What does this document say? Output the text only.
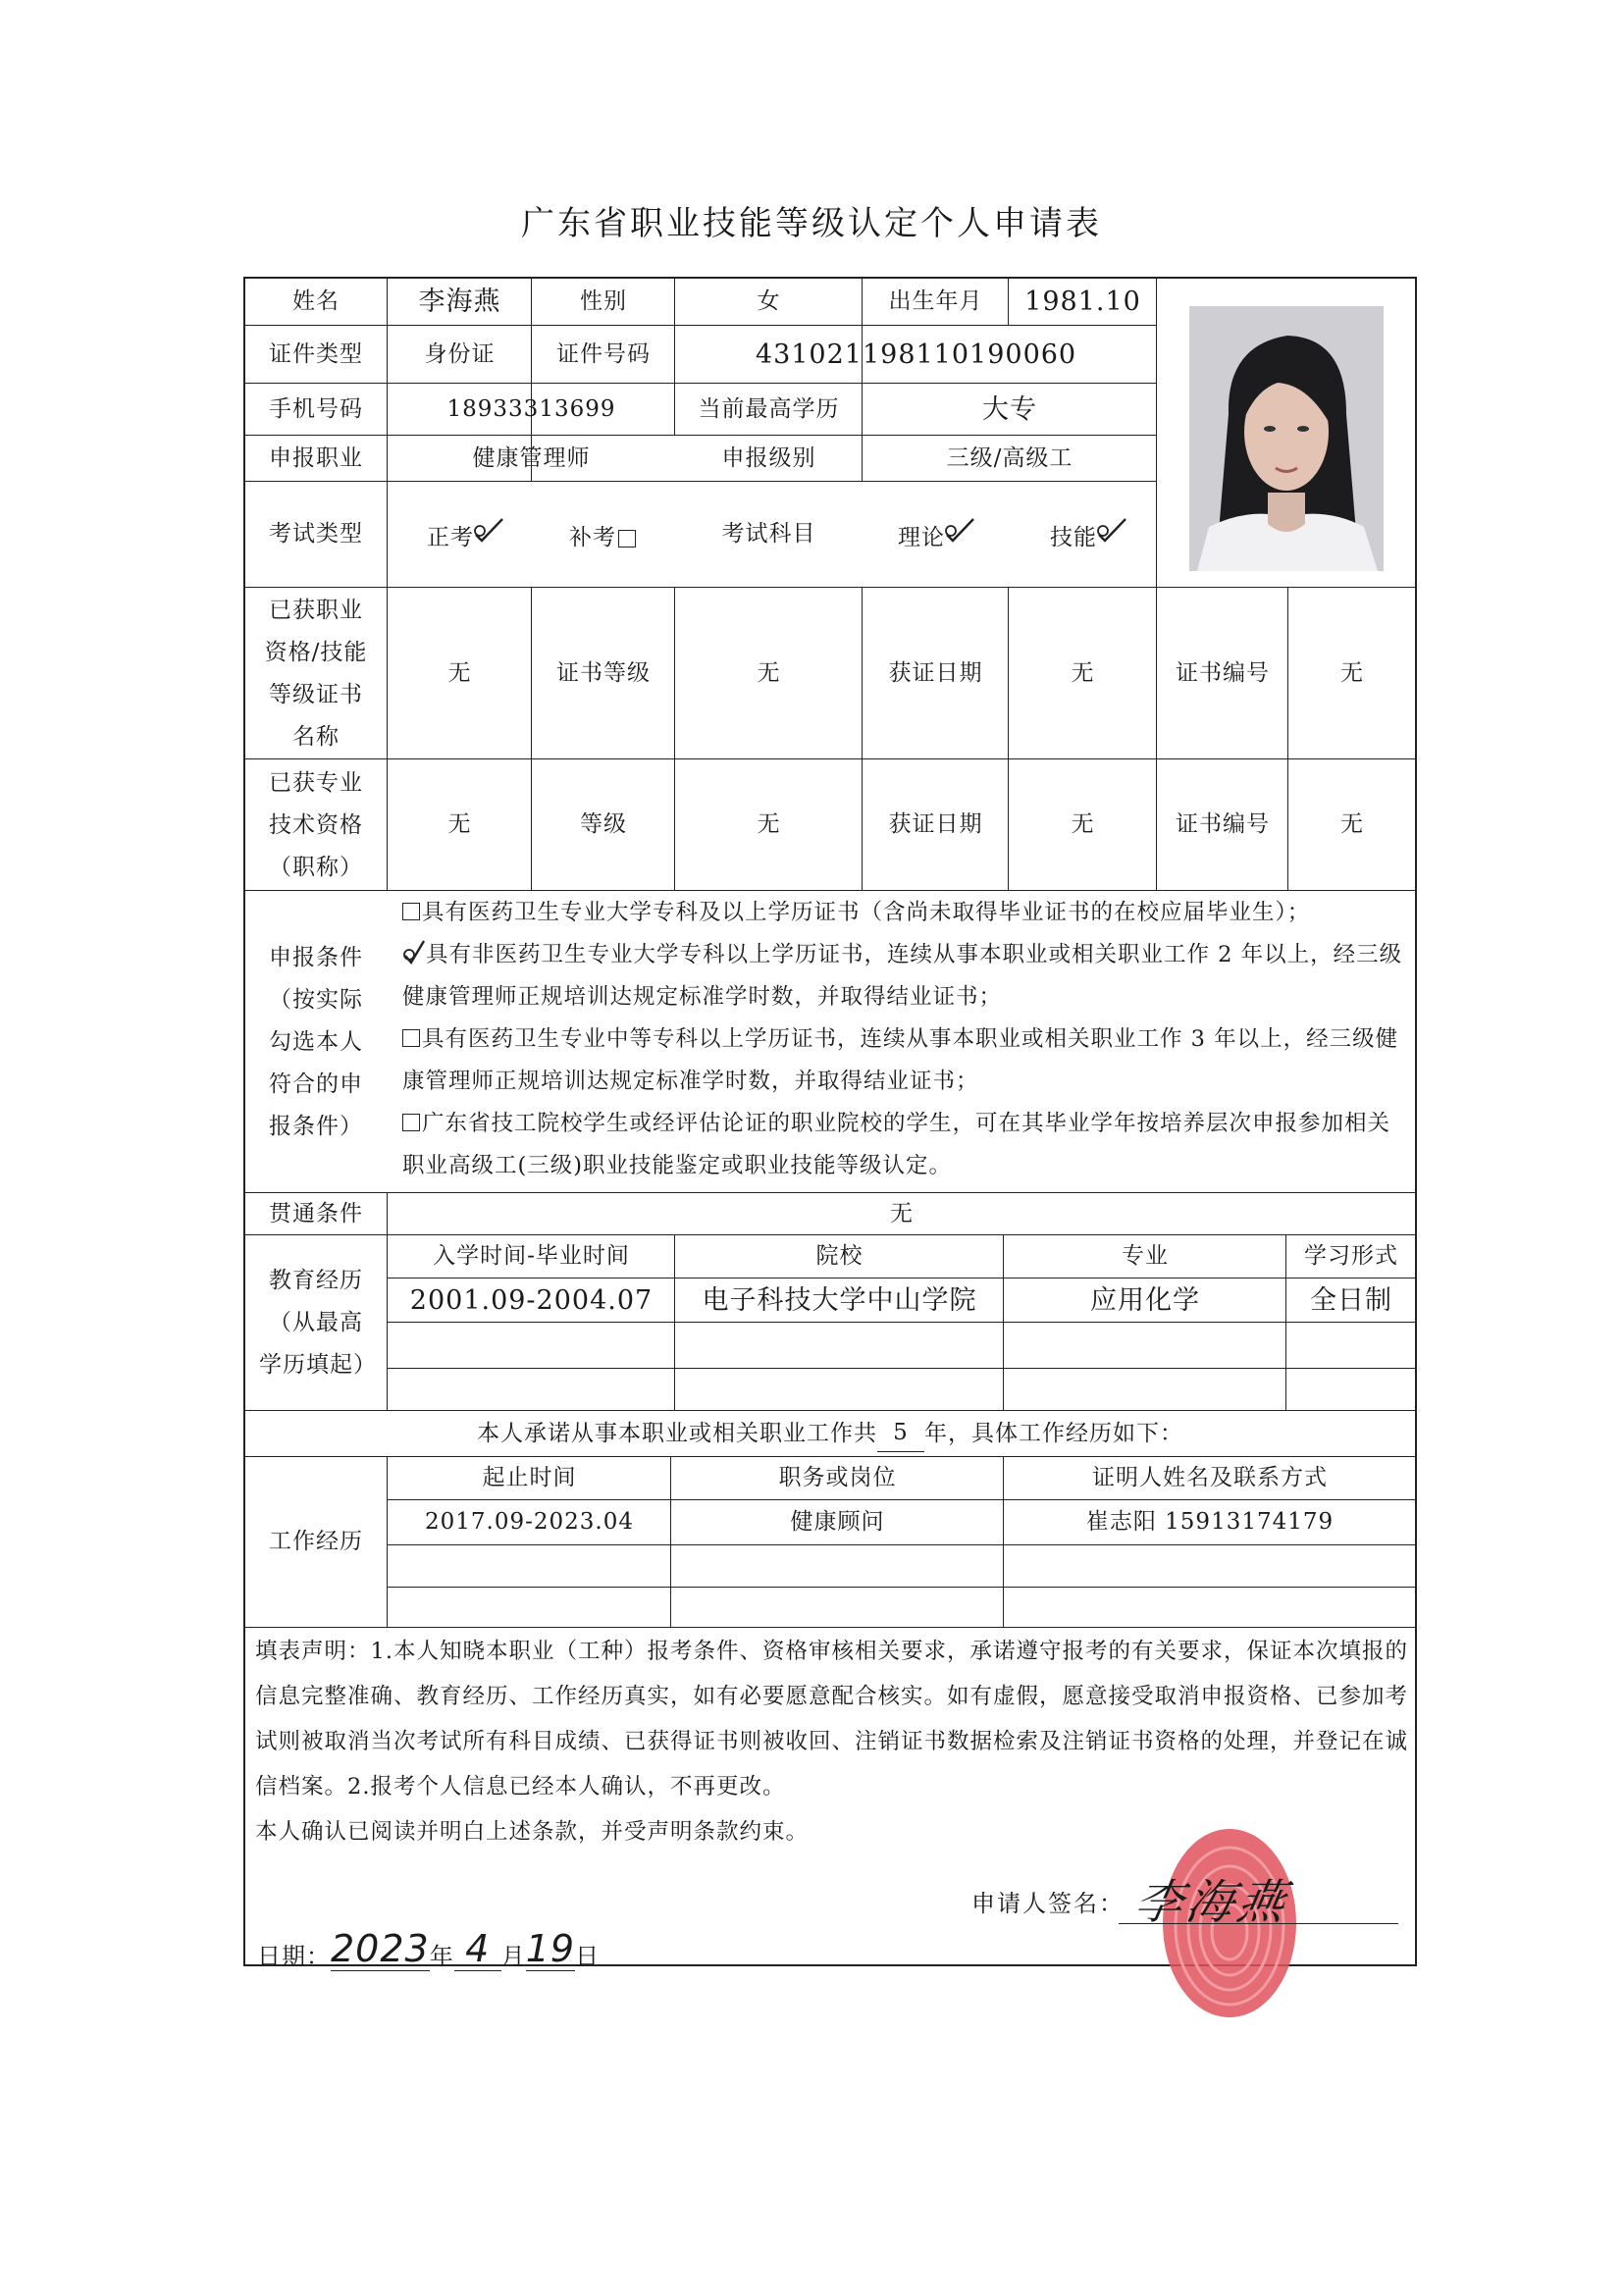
广东省职业技能等级认定个人申请表
姓名	李海燕	性别	女	出生年月	1981.10
证件类型	身份证	证件号码	431021198110190060
手机号码	18933313699	当前最高学历	大专
申报职业	健康管理师	申报级别	三级/高级工
考试类型	正考	补考	考试科目	理论	技能
已获职业资格/技能等级证书名称
无	证书等级	无	获证日期	无	证书编号	无
已获专业技术资格（职称）
无	等级	无	获证日期	无	证书编号	无
申报条件
（按实际勾选本人符合的申报条件）
具有医药卫生专业大学专科及以上学历证书（含尚未取得毕业证书的在校应届毕业生）；
具有非医药卫生专业大学专科以上学历证书，连续从事本职业或相关职业工作 2 年以上，经三级健康管理师正规培训达规定标准学时数，并取得结业证书；
具有医药卫生专业中等专科以上学历证书，连续从事本职业或相关职业工作 3 年以上，经三级健康管理师正规培训达规定标准学时数，并取得结业证书；
广东省技工院校学生或经评估论证的职业院校的学生，可在其毕业学年按培养层次申报参加相关职业高级工(三级)职业技能鉴定或职业技能等级认定。
贯通条件	无
教育经历
（从最高学历填起）
入学时间-毕业时间	院校	专业	学习形式
2001.09-2004.07	电子科技大学中山学院	应用化学	全日制
本人承诺从事本职业或相关职业工作共 5 年，具体工作经历如下：
工作经历
起止时间	职务或岗位	证明人姓名及联系方式
2017.09-2023.04	健康顾问	崔志阳 15913174179
填表声明：1.本人知晓本职业（工种）报考条件、资格审核相关要求，承诺遵守报考的有关要求，保证本次填报的信息完整准确、教育经历、工作经历真实，如有必要愿意配合核实。如有虚假，愿意接受取消申报资格、已参加考试则被取消当次考试所有科目成绩、已获得证书则被收回、注销证书数据检索及注销证书资格的处理，并登记在诚信档案。2.报考个人信息已经本人确认，不再更改。
本人确认已阅读并明白上述条款，并受声明条款约束。
申请人签名： 李海燕
日期： 2023 年 4 月 19 日
